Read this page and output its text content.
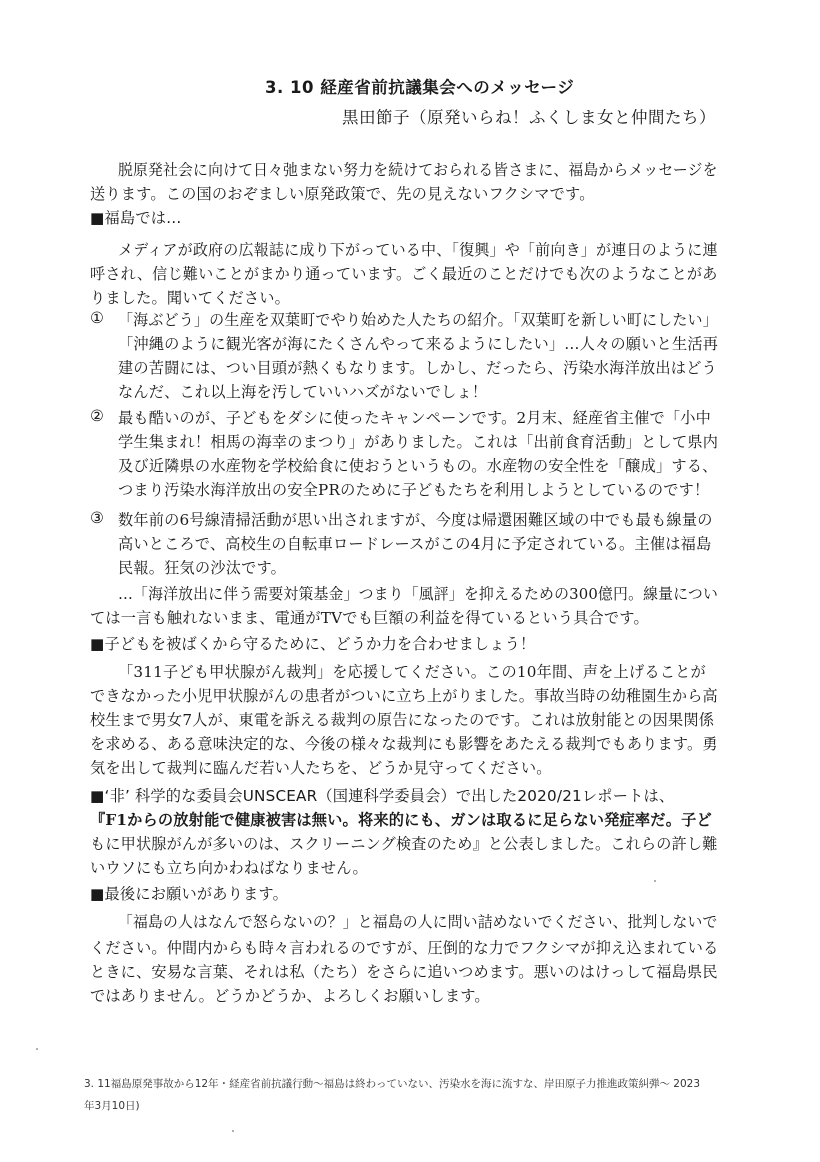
3. 10 経産省前抗議集会へのメッセージ
黒田節子（原発いらね！ふくしま女と仲間たち）
脱原発社会に向けて日々弛まない努力を続けておられる皆さまに、福島からメッセージを
送ります。この国のおぞましい原発政策で、先の見えないフクシマです。
■福島では…
メディアが政府の広報誌に成り下がっている中、「復興」や「前向き」が連日のように連
呼され、信じ難いことがまかり通っています。ごく最近のことだけでも次のようなことがあ
りました。聞いてください。
① 「海ぶどう」の生産を双葉町でやり始めた人たちの紹介。「双葉町を新しい町にしたい」
「沖縄のように観光客が海にたくさんやって来るようにしたい」…人々の願いと生活再
建の苦闘には、つい目頭が熱くもなります。しかし、だったら、汚染水海洋放出はどう
なんだ、これ以上海を汚していいハズがないでしょ！
② 最も酷いのが、子どもをダシに使ったキャンペーンです。2月末、経産省主催で「小中
学生集まれ！相馬の海幸のまつり」がありました。これは「出前食育活動」として県内
及び近隣県の水産物を学校給食に使おうというもの。水産物の安全性を「醸成」する、
つまり汚染水海洋放出の安全PRのために子どもたちを利用しようとしているのです！
③ 数年前の6号線清掃活動が思い出されますが、今度は帰還困難区域の中でも最も線量の
高いところで、高校生の自転車ロードレースがこの4月に予定されている。主催は福島
民報。狂気の沙汰です。
…「海洋放出に伴う需要対策基金」つまり「風評」を抑えるための300億円。線量につい
ては一言も触れないまま、電通がTVでも巨額の利益を得ているという具合です。
■子どもを被ばくから守るために、どうか力を合わせましょう！
「311子ども甲状腺がん裁判」を応援してください。この10年間、声を上げることが
できなかった小児甲状腺がんの患者がついに立ち上がりました。事故当時の幼稚園生から高
校生まで男女7人が、東電を訴える裁判の原告になったのです。これは放射能との因果関係
を求める、ある意味決定的な、今後の様々な裁判にも影響をあたえる裁判でもあります。勇
気を出して裁判に臨んだ若い人たちを、どうか見守ってください。
■‘非’ 科学的な委員会UNSCEAR（国連科学委員会）で出した2020/21レポートは、
『F1からの放射能で健康被害は無い。将来的にも、ガンは取るに足らない発症率だ。子ど
もに甲状腺がんが多いのは、スクリーニング検査のため』と公表しました。これらの許し難
いウソにも立ち向かわねばなりません。
■最後にお願いがあります。
「福島の人はなんで怒らないの？」と福島の人に問い詰めないでください、批判しないで
ください。仲間内からも時々言われるのですが、圧倒的な力でフクシマが抑え込まれている
ときに、安易な言葉、それは私（たち）をさらに追いつめます。悪いのはけっして福島県民
ではありません。どうかどうか、よろしくお願いします。
3. 11福島原発事故から12年・経産省前抗議行動～福島は終わっていない、汚染水を海に流すな、岸田原子力推進政策糾弾～ 2023
年3月10日)
